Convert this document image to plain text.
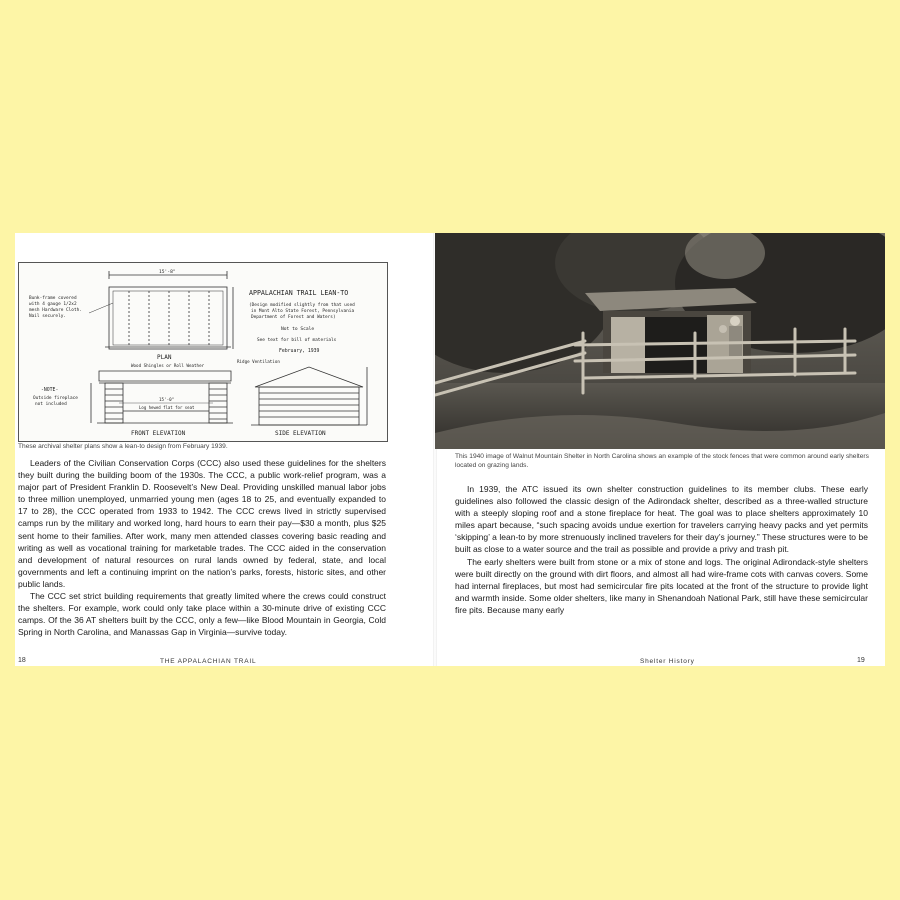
APPALACHIAN TRAIL LEAN-TO
(Design modified slightly from that used
in Mont Alto State Forest, Pennsylvania
Department of Forest and Waters)
Not to Scale
See text for bill of materials
February, 1939
Bunk-frame covered
with 4 gauge 1/2x2
mesh Hardware Cloth.
Nail securely.
15'-8"
PLAN
-NOTE-
Outside fireplace
not included
Wood Shingles or Roll Weather
Ridge Ventilation
Log hewed flat for seat
15'-0"
FRONT ELEVATION	SIDE ELEVATION
These archival shelter plans show a lean-to design from February 1939.

Leaders of the Civilian Conservation Corps (CCC) also used these guidelines for the shelters they built during the building boom of the 1930s. The CCC, a public work-relief program, was a major part of President Franklin D. Roosevelt’s New Deal. Providing unskilled manual labor jobs to three million unemployed, unmarried young men (ages 18 to 25, and eventually expanded to 17 to 28), the CCC operated from 1933 to 1942. The CCC crews lived in strictly supervised camps run by the military and worked long, hard hours to earn their pay—$30 a month, plus $25 sent home to their families. After work, many men attended classes covering basic reading and writing as well as vocational training for marketable trades. The CCC aided in the conservation and development of natural resources on rural lands owned by federal, state, and local governments and left a continuing imprint on the nation’s parks, forests, historic sites, and other public lands.

The CCC set strict building requirements that greatly limited where the crews could construct the shelters. For example, work could only take place within a 30-minute drive of existing CCC camps. Of the 36 AT shelters built by the CCC, only a few—like Blood Mountain in Georgia, Cold Spring in North Carolina, and Manassas Gap in Virginia—survive today.

18	THE APPALACHIAN TRAIL
This 1940 image of Walnut Mountain Shelter in North Carolina shows an example of the stock fences that were common around early shelters located on grazing lands.

In 1939, the ATC issued its own shelter construction guidelines to its member clubs. These early guidelines also followed the classic design of the Adirondack shelter, described as a three-walled structure with a steeply sloping roof and a stone fireplace for heat. The goal was to place shelters approximately 10 miles apart because, “such spacing avoids undue exertion for travelers carrying heavy packs and yet permits ‘skipping’ a lean-to by more strenuously inclined travelers for their day’s journey.” These structures were to be built as close to a water source and the trail as possible and provide a privy and trash pit.

The early shelters were built from stone or a mix of stone and logs. The original Adirondack-style shelters were built directly on the ground with dirt floors, and almost all had wire-frame cots with canvas covers. Some had internal fireplaces, but most had semicircular fire pits located at the front of the structure to provide light and warmth inside. Some older shelters, like many in Shenandoah National Park, still have these semicircular fire pits. Because many early

Shelter History	19
